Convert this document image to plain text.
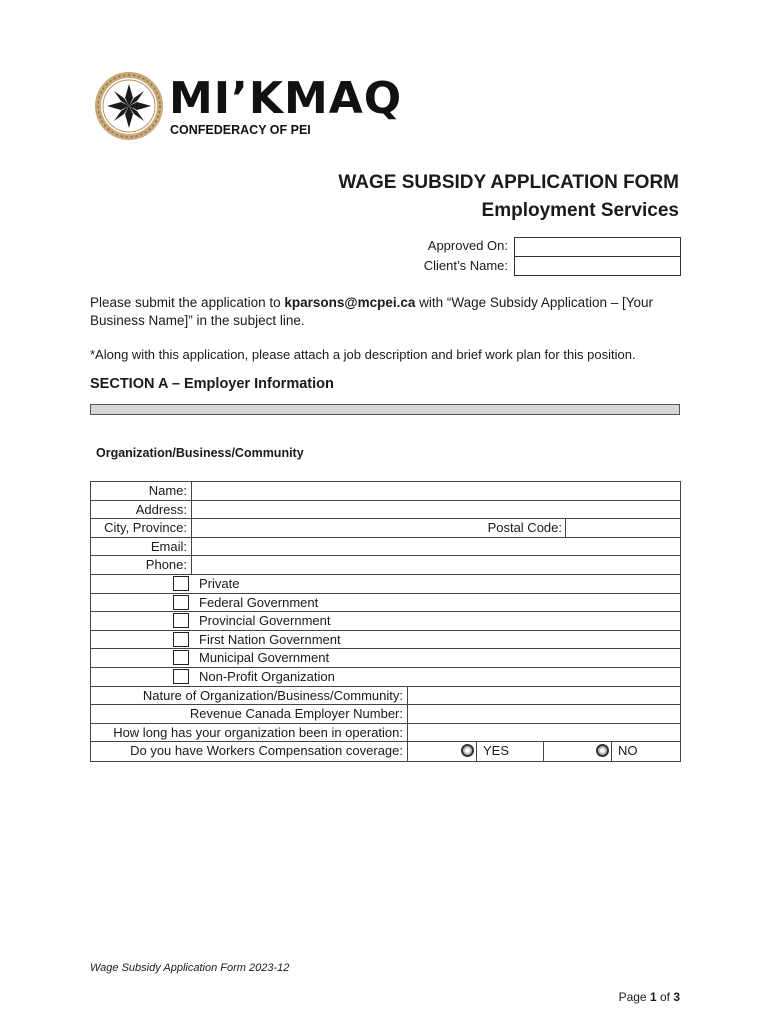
MI’KMAQ
CONFEDERACY OF PEI
WAGE SUBSIDY APPLICATION FORM
Employment Services
Approved On:
Client’s Name:
Please submit the application to kparsons@mcpei.ca with “Wage Subsidy Application – [Your Business Name]” in the subject line.
*Along with this application, please attach a job description and brief work plan for this position.
SECTION A – Employer Information
Organization/Business/Community
Name:
Address:
City, Province:	Postal Code:
Email:
Phone:
Private
Federal Government
Provincial Government
First Nation Government
Municipal Government
Non-Profit Organization
Nature of Organization/Business/Community:
Revenue Canada Employer Number:
How long has your organization been in operation:
Do you have Workers Compensation coverage:	YES	NO
Wage Subsidy Application Form 2023-12
Page 1 of 3
